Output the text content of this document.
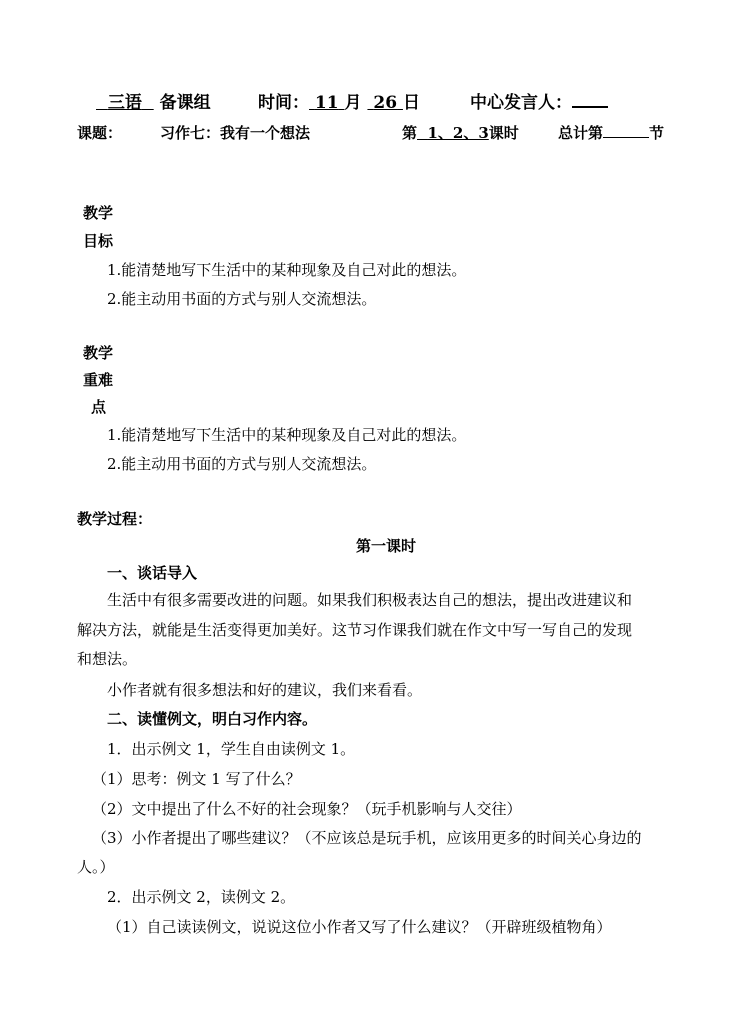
三语 备课组	时间： 11 月 26 日	中心发言人：
课题：	习作七：我有一个想法	第 1、2、3课时	总计第	节
教学
目标
1.能清楚地写下生活中的某种现象及自己对此的想法。
2.能主动用书面的方式与别人交流想法。
教学
重难
点
1.能清楚地写下生活中的某种现象及自己对此的想法。
2.能主动用书面的方式与别人交流想法。
教学过程：
第一课时
一、谈话导入
生活中有很多需要改进的问题。如果我们积极表达自己的想法，提出改进建议和
解决方法，就能是生活变得更加美好。这节习作课我们就在作文中写一写自己的发现
和想法。
小作者就有很多想法和好的建议，我们来看看。
二、读懂例文，明白习作内容。
1．出示例文 1，学生自由读例文 1。
（1）思考：例文 1 写了什么？
（2）文中提出了什么不好的社会现象？（玩手机影响与人交往）
（3）小作者提出了哪些建议？（不应该总是玩手机，应该用更多的时间关心身边的
人。）
2．出示例文 2，读例文 2。
（1）自己读读例文，说说这位小作者又写了什么建议？（开辟班级植物角）
